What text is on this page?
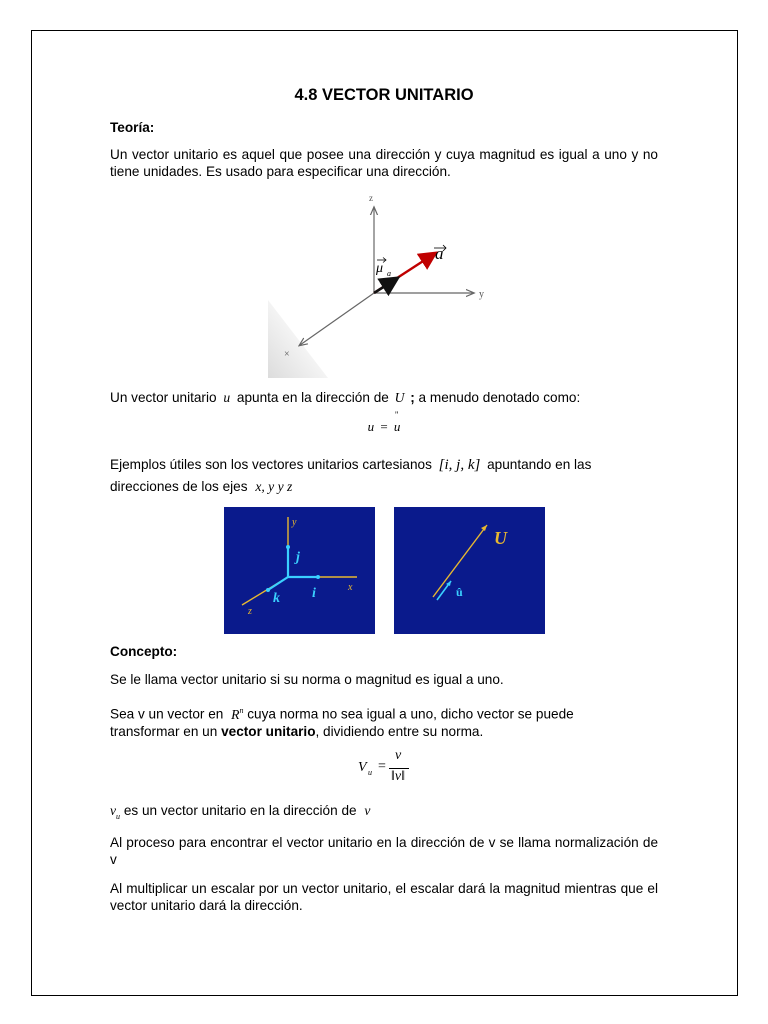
4.8 VECTOR UNITARIO
Teoría:
Un vector unitario es aquel que posee una dirección y cuya magnitud es igual a uno y no tiene unidades. Es usado para especificar una dirección.
z
y
×
a
μ a
Un vector unitario u apunta en la dirección de U ; a menudo denotado como:
u = u
"
Ejemplos útiles son los vectores unitarios cartesianos [i, j, k] apuntando en las
direcciones de los ejes x, y y z
y
x
z
j
i
k
U
û
Concepto:
Se le llama vector unitario si su norma o magnitud es igual a uno.
Sea v un vector en $R^n$ cuya norma no sea igual a uno, dicho vector se puede
transformar en un vector unitario, dividiendo entre su norma.
V u =
v
‖v‖
$v_u$ es un vector unitario en la dirección de v
Al proceso para encontrar el vector unitario en la dirección de v se llama normalización de v
Al multiplicar un escalar por un vector unitario, el escalar dará la magnitud mientras que el vector unitario dará la dirección.
